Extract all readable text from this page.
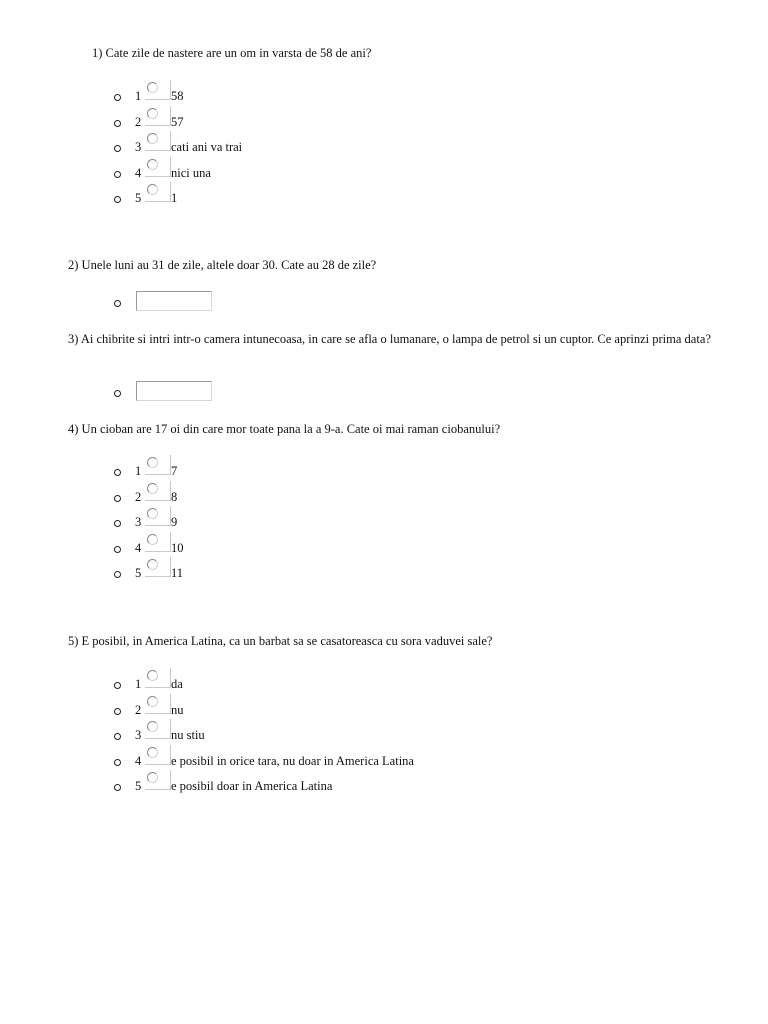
1) Cate zile de nastere are un om in varsta de 58 de ani?

1 58
2 57
3 cati ani va trai
4 nici una
5 1

2) Unele luni au 31 de zile, altele doar 30. Cate au 28 de zile?

3) Ai chibrite si intri intr-o camera intunecoasa, in care se afla o lumanare, o lampa de petrol si un cuptor. Ce aprinzi prima data?

4) Un cioban are 17 oi din care mor toate pana la a 9-a. Cate oi mai raman ciobanului?

1 7
2 8
3 9
4 10
5 11

5) E posibil, in America Latina, ca un barbat sa se casatoreasca cu sora vaduvei sale?

1 da
2 nu
3 nu stiu
4 e posibil in orice tara, nu doar in America Latina
5 e posibil doar in America Latina
